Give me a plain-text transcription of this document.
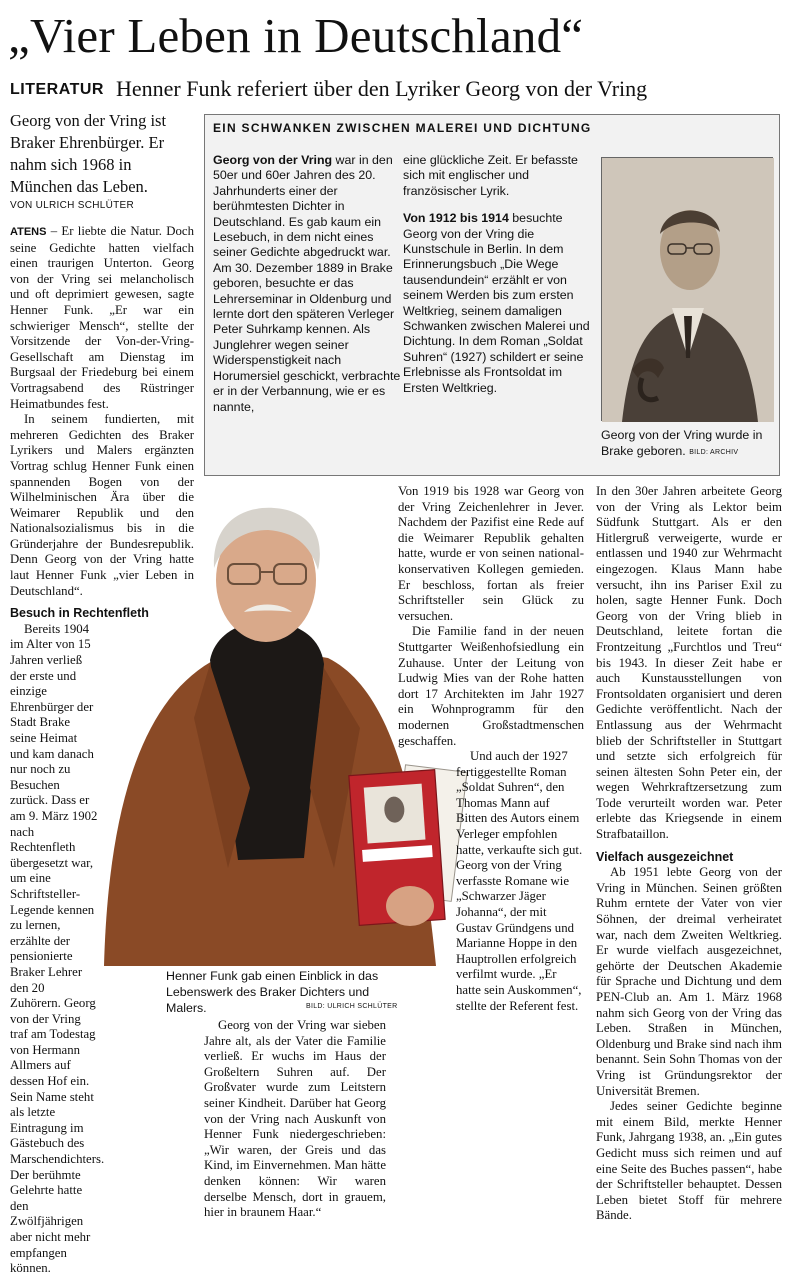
„Vier Leben in Deutschland“
LITERATUR Henner Funk referiert über den Lyriker Georg von der Vring
Georg von der Vring ist Braker Ehrenbürger. Er nahm sich 1968 in München das Leben.
VON ULRICH SCHLÜTER

ATENS – Er liebte die Natur. Doch seine Gedichte hatten vielfach einen traurigen Unterton. Georg von der Vring sei melancholisch und oft deprimiert gewesen, sagte Henner Funk. „Er war ein schwieriger Mensch“, stellte der Vorsitzende der Von-der-Vring-Gesellschaft am Dienstag im Burgsaal der Friedeburg bei einem Vortragsabend des Rüstringer Heimatbundes fest.

In seinem fundierten, mit mehreren Gedichten des Braker Lyrikers und Malers ergänzten Vortrag schlug Henner Funk einen spannenden Bogen von der Wilhelminischen Ära über die Weimarer Republik und den Nationalsozialismus bis in die Gründerjahre der Bundesrepublik. Denn Georg von der Vring hatte laut Henner Funk „vier Leben in Deutschland“.

Besuch in Rechtenfleth

Bereits 1904 im Alter von 15 Jahren verließ der erste und einzige Ehrenbürger der Stadt Brake seine Heimat und kam danach nur noch zu Besuchen zurück. Dass er am 9. März 1902 nach Rechtenfleth übergesetzt war, um eine Schriftsteller-Legende kennen zu lernen, erzählte der pensionierte Braker Lehrer den 20 Zuhörern. Georg von der Vring traf am Todestag von Hermann Allmers auf dessen Hof ein. Sein Name steht als letzte Eintragung im Gästebuch des Marschendichters. Der berühmte Gelehrte hatte den Zwölfjährigen aber nicht mehr empfangen können.

EIN SCHWANKEN ZWISCHEN MALEREI UND DICHTUNG
Georg von der Vring war in den 50er und 60er Jahren des 20. Jahrhunderts einer der berühmtesten Dichter in Deutschland. Es gab kaum ein Lesebuch, in dem nicht eines seiner Gedichte abgedruckt war. Am 30. Dezember 1889 in Brake geboren, besuchte er das Lehrerseminar in Oldenburg und lernte dort den späteren Verleger Peter Suhrkamp kennen. Als Junglehrer wegen seiner Widerspenstigkeit nach Horumersiel geschickt, verbrachte er in der Verbannung, wie er es nannte,
eine glückliche Zeit. Er befasste sich mit englischer und französischer Lyrik.
Von 1912 bis 1914 besuchte Georg von der Vring die Kunstschule in Berlin. In dem Erinnerungsbuch „Die Wege tausendundein“ erzählt er von seinem Werden bis zum ersten Weltkrieg, seinem damaligen Schwanken zwischen Malerei und Dichtung. In dem Roman „Soldat Suhren“ (1927) schildert er seine Erlebnisse als Frontsoldat im Ersten Weltkrieg.
Georg von der Vring wurde in Brake geboren. BILD: ARCHIV
Henner Funk gab einen Einblick in das Lebenswerk des Braker Dichters und Malers.	BILD: ULRICH SCHLÜTER

Georg von der Vring war sieben Jahre alt, als der Vater die Familie verließ. Er wuchs im Haus der Großeltern Suhren auf. Der Großvater wurde zum Leitstern seiner Kindheit. Darüber hat Georg von der Vring nach Auskunft von Henner Funk niedergeschrieben: „Wir waren, der Greis und das Kind, im Einvernehmen. Man hätte denken können: Wir waren derselbe Mensch, dort in grauem, hier in braunem Haar.“

Von 1919 bis 1928 war Georg von der Vring Zeichenlehrer in Jever. Nachdem der Pazifist eine Rede auf die Weimarer Republik gehalten hatte, wurde er von seinen national-konservativen Kollegen gemieden. Er beschloss, fortan als freier Schriftsteller sein Glück zu versuchen.

Die Familie fand in der neuen Stuttgarter Weißenhofsiedlung ein Zuhause. Unter der Leitung von Ludwig Mies van der Rohe hatten dort 17 Architekten im Jahr 1927 ein Wohnprogramm für den modernen Großstadtmenschen geschaffen.

Und auch der 1927 fertiggestellte Roman „Soldat Suhren“, den Thomas Mann auf Bitten des Autors einem Verleger empfohlen hatte, verkaufte sich gut. Georg von der Vring verfasste Romane wie „Schwarzer Jäger Johanna“, der mit Gustav Gründgens und Marianne Hoppe in den Hauptrollen erfolgreich verfilmt wurde. „Er hatte sein Auskommen“, stellte der Referent fest.

In den 30er Jahren arbeitete Georg von der Vring als Lektor beim Südfunk Stuttgart. Als er den Hitlergruß verweigerte, wurde er entlassen und 1940 zur Wehrmacht eingezogen. Klaus Mann habe versucht, ihn ins Pariser Exil zu holen, sagte Henner Funk. Doch Georg von der Vring blieb in Deutschland, leitete fortan die Frontzeitung „Furchtlos und Treu“ bis 1943. In dieser Zeit habe er auch Kunstausstellungen von Frontsoldaten organisiert und deren Gedichte veröffentlicht. Nach der Entlassung aus der Wehrmacht blieb der Schriftsteller in Stuttgart und setzte sich erfolgreich für seinen ältesten Sohn Peter ein, der wegen Wehrkraftzersetzung zum Tode verurteilt worden war. Peter erlebte das Kriegsende in einem Strafbataillon.

Vielfach ausgezeichnet

Ab 1951 lebte Georg von der Vring in München. Seinen größten Ruhm erntete der Vater von vier Söhnen, der dreimal verheiratet war, nach dem Zweiten Weltkrieg. Er wurde vielfach ausgezeichnet, gehörte der Deutschen Akademie für Sprache und Dichtung und dem PEN-Club an. Am 1. März 1968 nahm sich Georg von der Vring das Leben. Straßen in München, Oldenburg und Brake sind nach ihm benannt. Sein Sohn Thomas von der Vring ist Gründungsrektor der Universität Bremen.

Jedes seiner Gedichte beginne mit einem Bild, merkte Henner Funk, Jahrgang 1938, an. „Ein gutes Gedicht muss sich reimen und auf eine Seite des Buches passen“, habe der Schriftsteller behauptet. Dessen Leben bietet Stoff für mehrere Bände.
